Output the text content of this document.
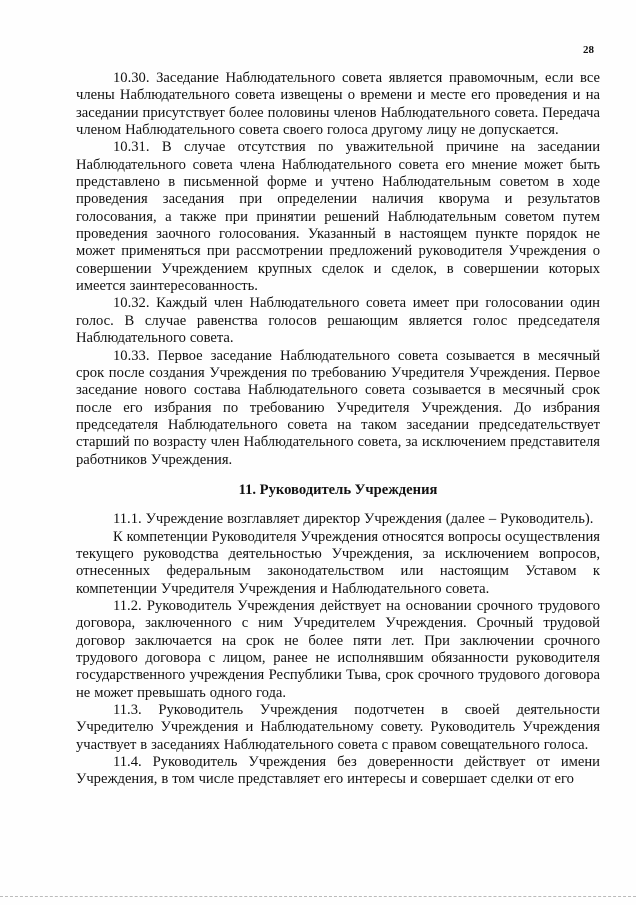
28

10.30. Заседание Наблюдательного совета является правомочным, если все члены Наблюдательного совета извещены о времени и месте его проведения и на заседании присутствует более половины членов Наблюдательного совета. Передача членом Наблюдательного совета своего голоса другому лицу не допускается.

10.31. В случае отсутствия по уважительной причине на заседании Наблюдательного совета члена Наблюдательного совета его мнение может быть представлено в письменной форме и учтено Наблюдательным советом в ходе проведения заседания при определении наличия кворума и результатов голосования, а также при принятии решений Наблюдательным советом путем проведения заочного голосования. Указанный в настоящем пункте порядок не может применяться при рассмотрении предложений руководителя Учреждения о совершении Учреждением крупных сделок и сделок, в совершении которых имеется заинтересованность.

10.32. Каждый член Наблюдательного совета имеет при голосовании один голос. В случае равенства голосов решающим является голос председателя Наблюдательного совета.

10.33. Первое заседание Наблюдательного совета созывается в месячный срок после создания Учреждения по требованию Учредителя Учреждения. Первое заседание нового состава Наблюдательного совета созывается в месячный срок после его избрания по требованию Учредителя Учреждения. До избрания председателя Наблюдательного совета на таком заседании председательствует старший по возрасту член Наблюдательного совета, за исключением представителя работников Учреждения.

11. Руководитель Учреждения

11.1. Учреждение возглавляет директор Учреждения (далее – Руководитель).

К компетенции Руководителя Учреждения относятся вопросы осуществления текущего руководства деятельностью Учреждения, за исключением вопросов, отнесенных федеральным законодательством или настоящим Уставом к компетенции Учредителя Учреждения и Наблюдательного совета.

11.2. Руководитель Учреждения действует на основании срочного трудового договора, заключенного с ним Учредителем Учреждения. Срочный трудовой договор заключается на срок не более пяти лет. При заключении срочного трудового договора с лицом, ранее не исполнявшим обязанности руководителя государственного учреждения Республики Тыва, срок срочного трудового договора не может превышать одного года.

11.3. Руководитель Учреждения подотчетен в своей деятельности Учредителю Учреждения и Наблюдательному совету. Руководитель Учреждения участвует в заседаниях Наблюдательного совета с правом совещательного голоса.

11.4. Руководитель Учреждения без доверенности действует от имени Учреждения, в том числе представляет его интересы и совершает сделки от его
